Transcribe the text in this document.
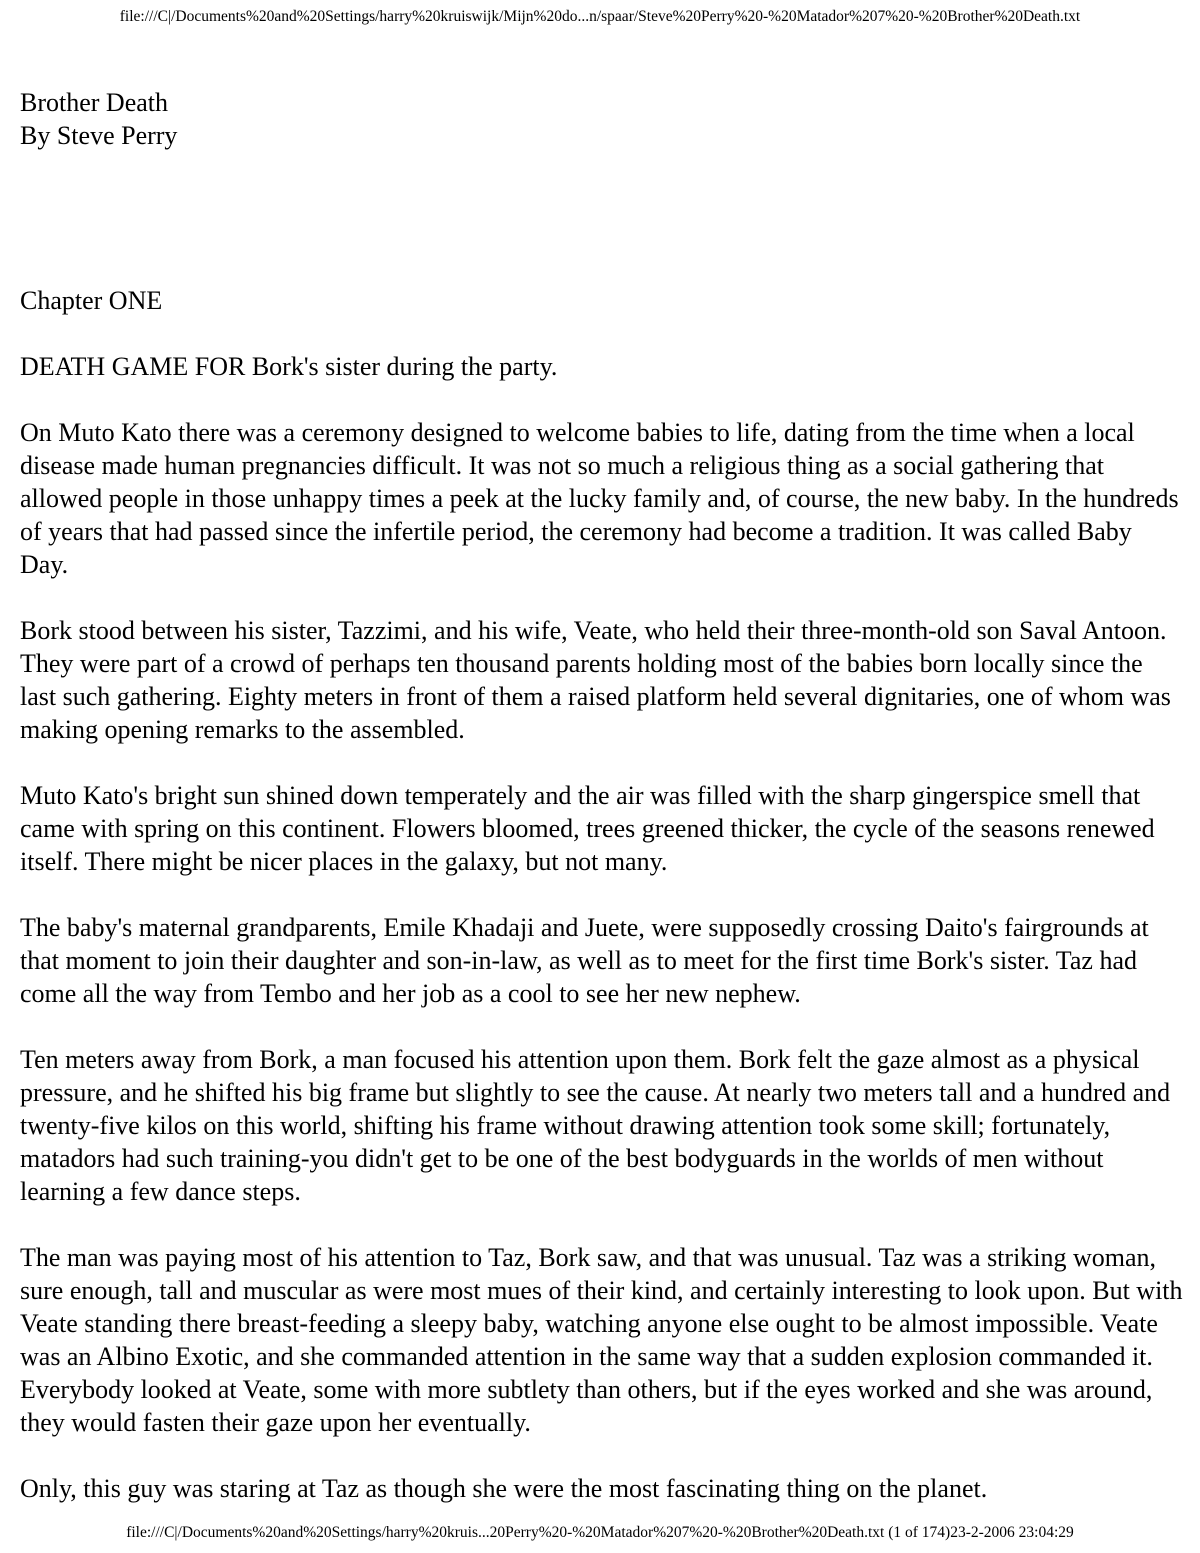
file:///C|/Documents%20and%20Settings/harry%20kruiswijk/Mijn%20do...n/spaar/Steve%20Perry%20-%20Matador%207%20-%20Brother%20Death.txt

Brother Death

By Steve Perry

Chapter ONE

DEATH GAME FOR Bork's sister during the party.

On Muto Kato there was a ceremony designed to welcome babies to life, dating from the time when a local disease made human pregnancies difficult. It was not so much a religious thing as a social gathering that allowed people in those unhappy times a peek at the lucky family and, of course, the new baby. In the hundreds of years that had passed since the infertile period, the ceremony had become a tradition. It was called Baby Day.

Bork stood between his sister, Tazzimi, and his wife, Veate, who held their three-month-old son Saval Antoon. They were part of a crowd of perhaps ten thousand parents holding most of the babies born locally since the last such gathering. Eighty meters in front of them a raised platform held several dignitaries, one of whom was making opening remarks to the assembled.

Muto Kato's bright sun shined down temperately and the air was filled with the sharp gingerspice smell that came with spring on this continent. Flowers bloomed, trees greened thicker, the cycle of the seasons renewed itself. There might be nicer places in the galaxy, but not many.

The baby's maternal grandparents, Emile Khadaji and Juete, were supposedly crossing Daito's fairgrounds at that moment to join their daughter and son-in-law, as well as to meet for the first time Bork's sister. Taz had come all the way from Tembo and her job as a cool to see her new nephew.

Ten meters away from Bork, a man focused his attention upon them. Bork felt the gaze almost as a physical pressure, and he shifted his big frame but slightly to see the cause. At nearly two meters tall and a hundred and twenty-five kilos on this world, shifting his frame without drawing attention took some skill; fortunately, matadors had such training-you didn't get to be one of the best bodyguards in the worlds of men without learning a few dance steps.

The man was paying most of his attention to Taz, Bork saw, and that was unusual. Taz was a striking woman, sure enough, tall and muscular as were most mues of their kind, and certainly interesting to look upon. But with Veate standing there breast-feeding a sleepy baby, watching anyone else ought to be almost impossible. Veate was an Albino Exotic, and she commanded attention in the same way that a sudden explosion commanded it. Everybody looked at Veate, some with more subtlety than others, but if the eyes worked and she was around, they would fasten their gaze upon her eventually.

Only, this guy was staring at Taz as though she were the most fascinating thing on the planet.

file:///C|/Documents%20and%20Settings/harry%20kruis...20Perry%20-%20Matador%207%20-%20Brother%20Death.txt (1 of 174)23-2-2006 23:04:29
